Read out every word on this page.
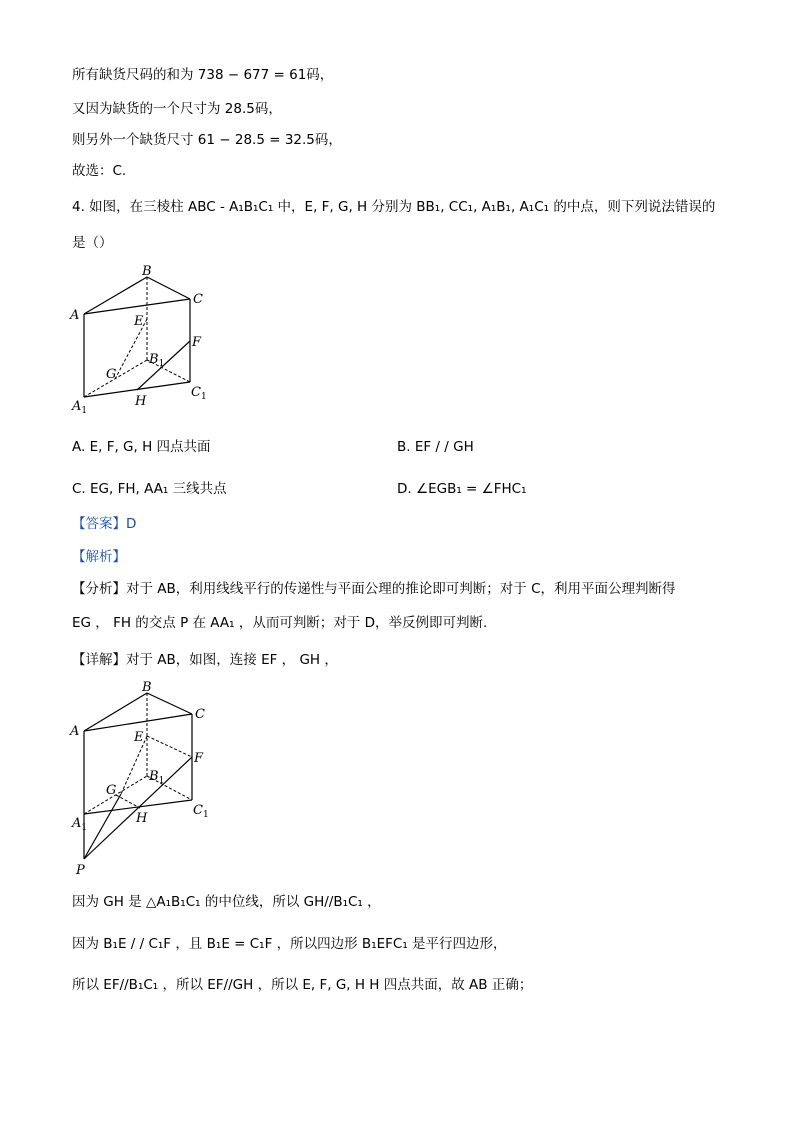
所有缺货尺码的和为 738 − 677 = 61码，
又因为缺货的一个尺寸为 28.5码，
则另外一个缺货尺寸 61 − 28.5 = 32.5码，
故选：C.
4. 如图，在三棱柱 ABC - A₁B₁C₁ 中，E, F, G, H 分别为 BB₁, CC₁, A₁B₁, A₁C₁ 的中点，则下列说法错误的
是（）
A
B
C
E
F
G
H
$B_1$
$C_1$
$A_1$
A. E, F, G, H 四点共面	B. EF / / GH
C. EG, FH, AA₁ 三线共点	D. ∠EGB₁ = ∠FHC₁
【答案】D
【解析】
【分析】对于 AB，利用线线平行的传递性与平面公理的推论即可判断；对于 C，利用平面公理判断得
EG ， FH 的交点 P 在 AA₁ ，从而可判断；对于 D，举反例即可判断.
【详解】对于 AB，如图，连接 EF ， GH ，
A
B
C
E
F
G
H
$B_1$
$C_1$
$A_1$
P
因为 GH 是 △A₁B₁C₁ 的中位线，所以 GH//B₁C₁ ，
因为 B₁E / / C₁F ，且 B₁E = C₁F ，所以四边形 B₁EFC₁ 是平行四边形，
所以 EF//B₁C₁ ，所以 EF//GH ，所以 E, F, G, H H 四点共面，故 AB 正确；
